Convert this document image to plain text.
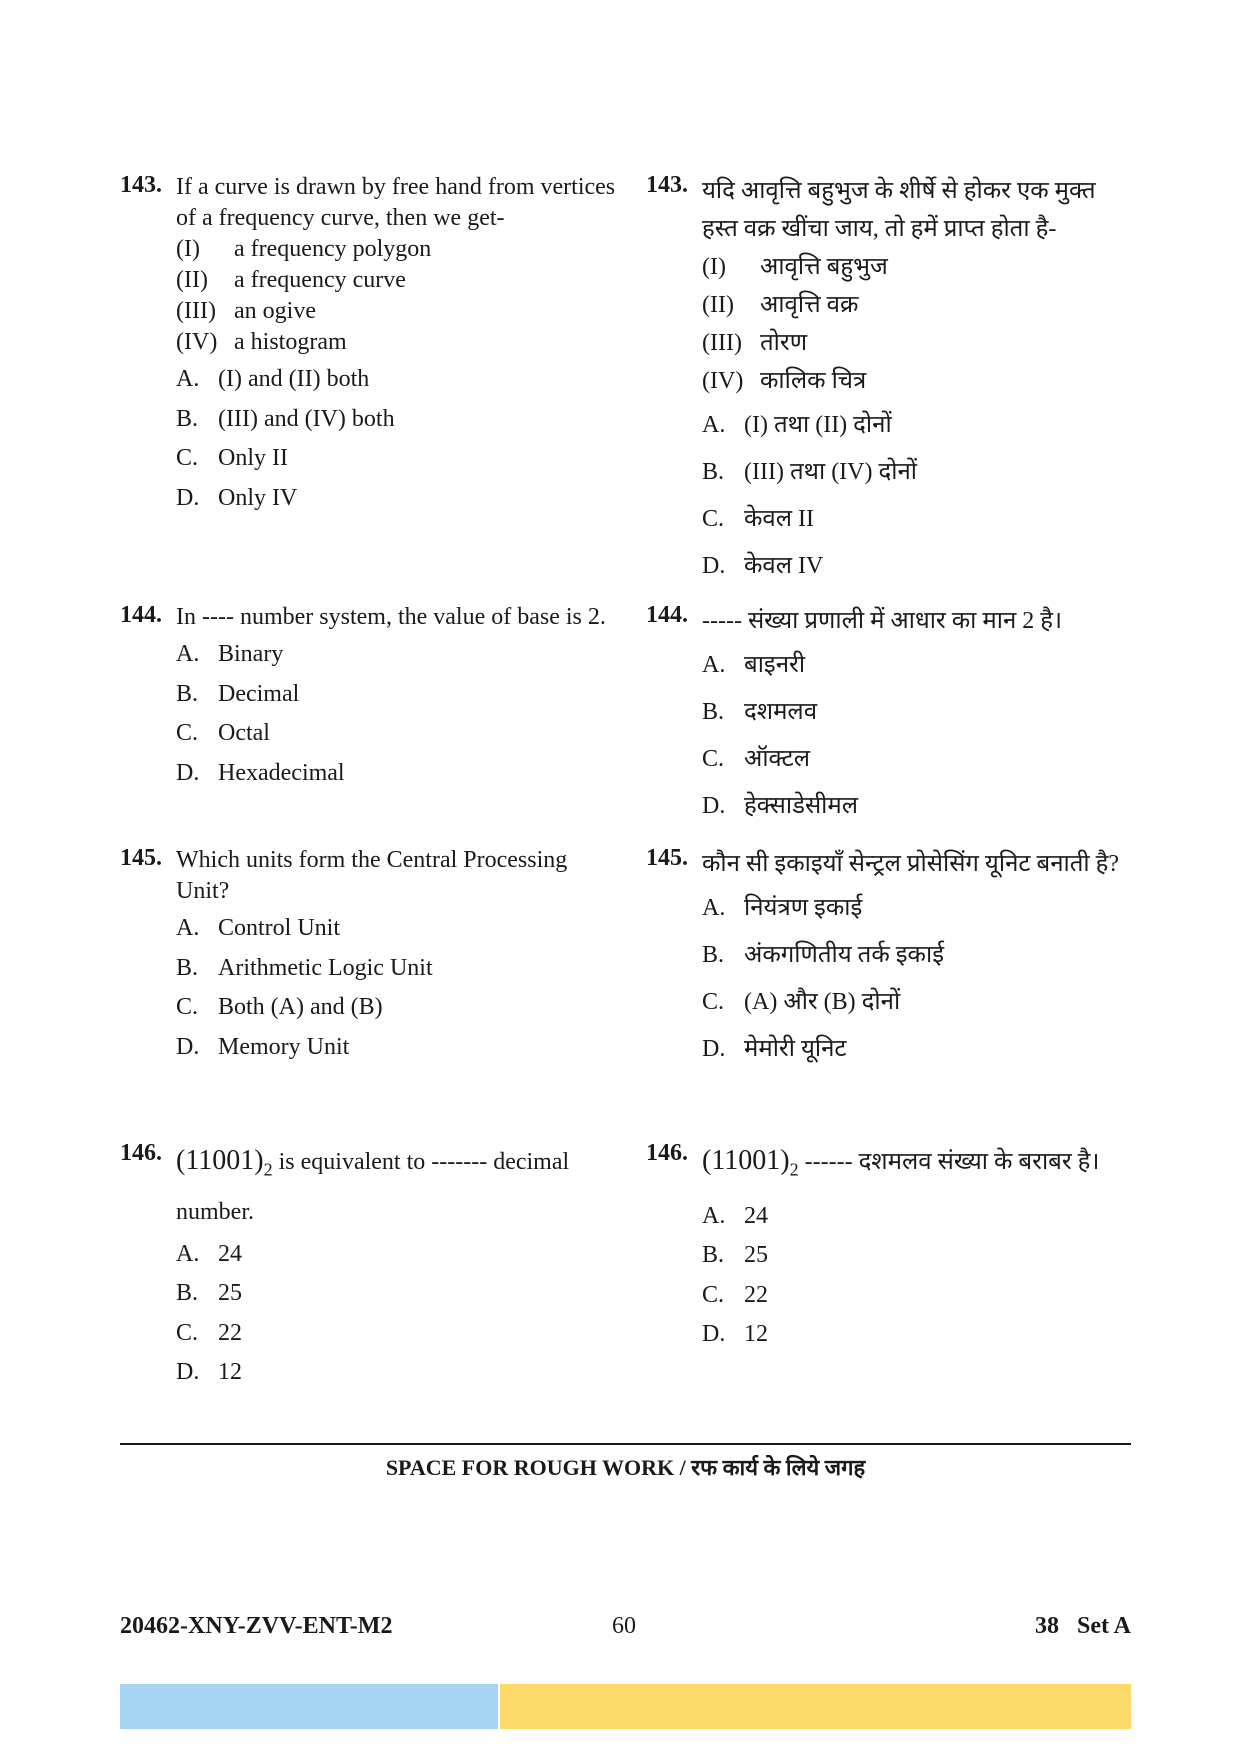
143. If a curve is drawn by free hand from vertices of a frequency curve, then we get-
(I) a frequency polygon
(II) a frequency curve
(III) an ogive
(IV) a histogram
A. (I) and (II) both
B. (III) and (IV) both
C. Only II
D. Only IV
144. In ---- number system, the value of base is 2.
A. Binary
B. Decimal
C. Octal
D. Hexadecimal
145. Which units form the Central Processing Unit?
A. Control Unit
B. Arithmetic Logic Unit
C. Both (A) and (B)
D. Memory Unit
146. $(11001)_2$ is equivalent to ------- decimal number.
A. 24
B. 25
C. 22
D. 12
143. यदि आवृत्ति बहुभुज के शीर्षे से होकर एक मुक्त हस्त वक्र खींचा जाय, तो हमें प्राप्त होता है-
(I) आवृत्ति बहुभुज
(II) आवृत्ति वक्र
(III) तोरण
(IV) कालिक चित्र
A. (I) तथा (II) दोनों
B. (III) तथा (IV) दोनों
C. केवल II
D. केवल IV
144. ----- संख्या प्रणाली में आधार का मान 2 है।
A. बाइनरी
B. दशमलव
C. ऑक्टल
D. हेक्साडेसीमल
145. कौन सी इकाइयाँ सेन्ट्रल प्रोसेसिंग यूनिट बनाती है?
A. नियंत्रण इकाई
B. अंकगणितीय तर्क इकाई
C. (A) और (B) दोनों
D. मेमोरी यूनिट
146. $(11001)_2$ ------ दशमलव संख्या के बराबर है।
A. 24
B. 25
C. 22
D. 12
SPACE FOR ROUGH WORK / रफ कार्य के लिये जगह
20462-XNY-ZVV-ENT-M2	60	38 Set A
